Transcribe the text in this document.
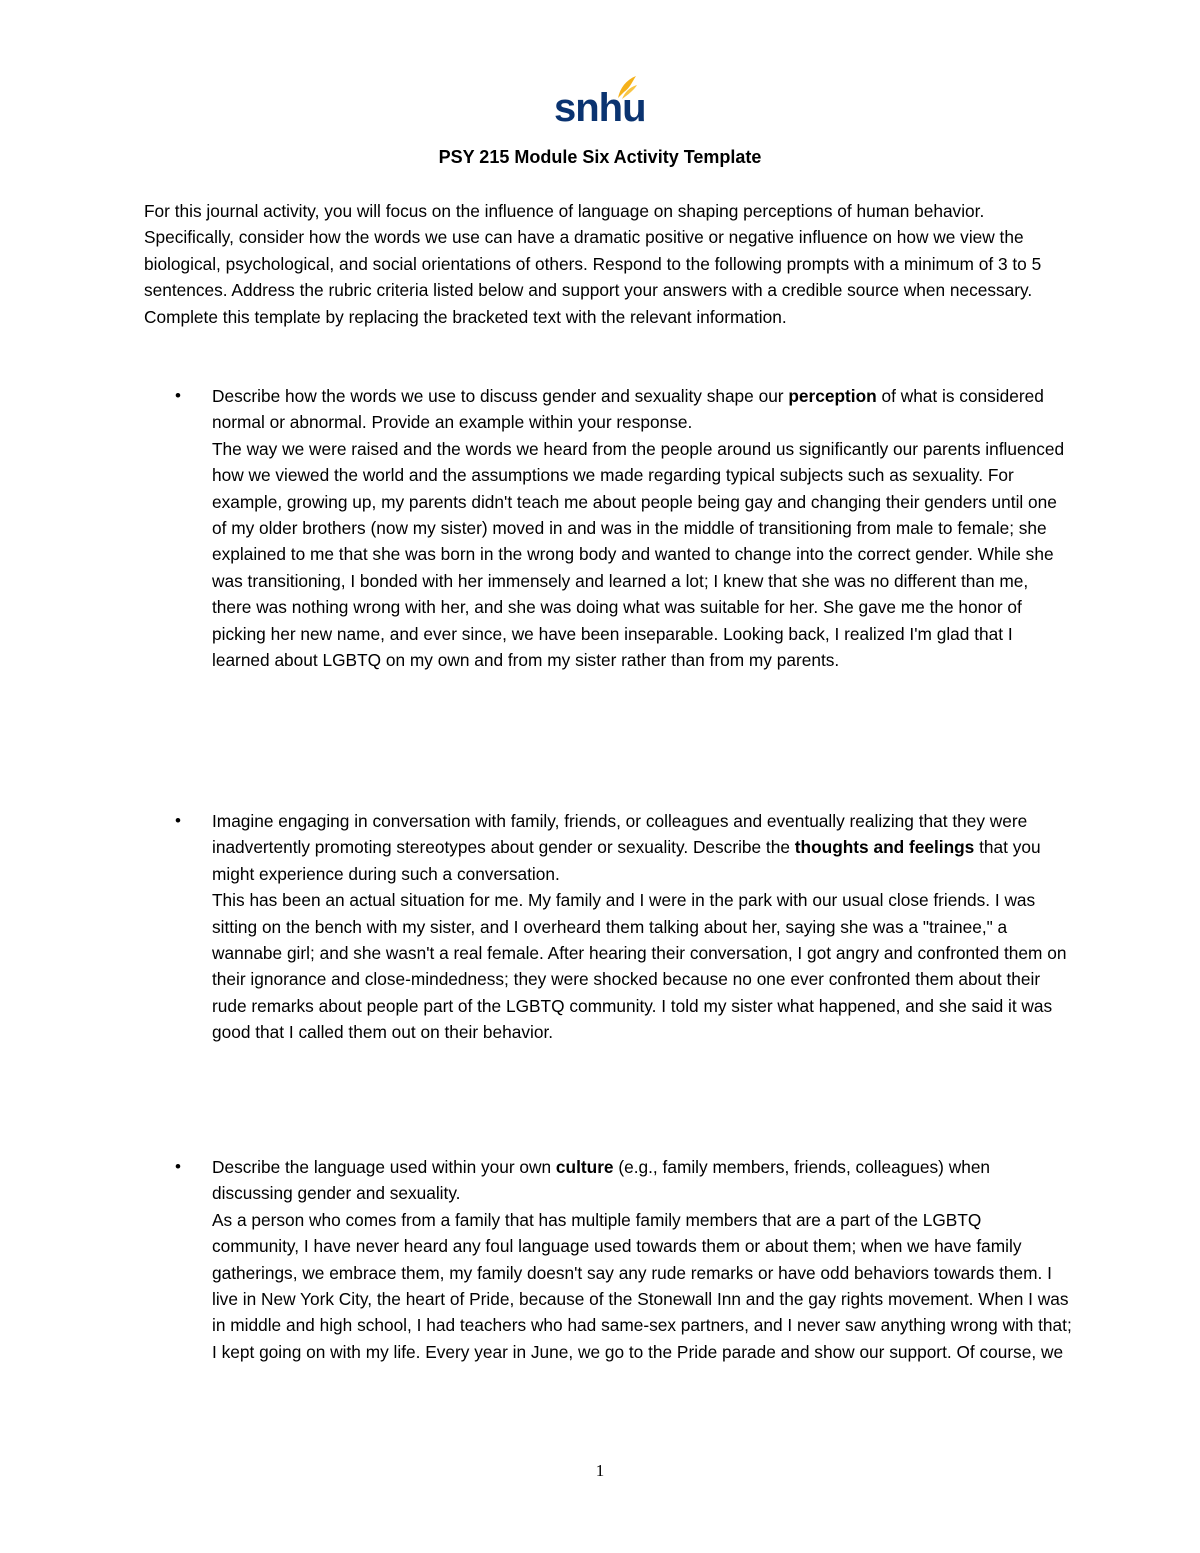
snhu
PSY 215 Module Six Activity Template

For this journal activity, you will focus on the influence of language on shaping perceptions of human behavior. Specifically, consider how the words we use can have a dramatic positive or negative influence on how we view the biological, psychological, and social orientations of others. Respond to the following prompts with a minimum of 3 to 5 sentences. Address the rubric criteria listed below and support your answers with a credible source when necessary. Complete this template by replacing the bracketed text with the relevant information.

• Describe how the words we use to discuss gender and sexuality shape our perception of what is considered normal or abnormal. Provide an example within your response.

The way we were raised and the words we heard from the people around us significantly our parents influenced how we viewed the world and the assumptions we made regarding typical subjects such as sexuality. For example, growing up, my parents didn't teach me about people being gay and changing their genders until one of my older brothers (now my sister) moved in and was in the middle of transitioning from male to female; she explained to me that she was born in the wrong body and wanted to change into the correct gender. While she was transitioning, I bonded with her immensely and learned a lot; I knew that she was no different than me, there was nothing wrong with her, and she was doing what was suitable for her. She gave me the honor of picking her new name, and ever since, we have been inseparable. Looking back, I realized I'm glad that I learned about LGBTQ on my own and from my sister rather than from my parents.

• Imagine engaging in conversation with family, friends, or colleagues and eventually realizing that they were inadvertently promoting stereotypes about gender or sexuality. Describe the thoughts and feelings that you might experience during such a conversation.

This has been an actual situation for me. My family and I were in the park with our usual close friends. I was sitting on the bench with my sister, and I overheard them talking about her, saying she was a "trainee," a wannabe girl; and she wasn't a real female. After hearing their conversation, I got angry and confronted them on their ignorance and close-mindedness; they were shocked because no one ever confronted them about their rude remarks about people part of the LGBTQ community. I told my sister what happened, and she said it was good that I called them out on their behavior.

• Describe the language used within your own culture (e.g., family members, friends, colleagues) when discussing gender and sexuality.

As a person who comes from a family that has multiple family members that are a part of the LGBTQ community, I have never heard any foul language used towards them or about them; when we have family gatherings, we embrace them, my family doesn't say any rude remarks or have odd behaviors towards them. I live in New York City, the heart of Pride, because of the Stonewall Inn and the gay rights movement. When I was in middle and high school, I had teachers who had same-sex partners, and I never saw anything wrong with that; I kept going on with my life. Every year in June, we go to the Pride parade and show our support. Of course, we

1
